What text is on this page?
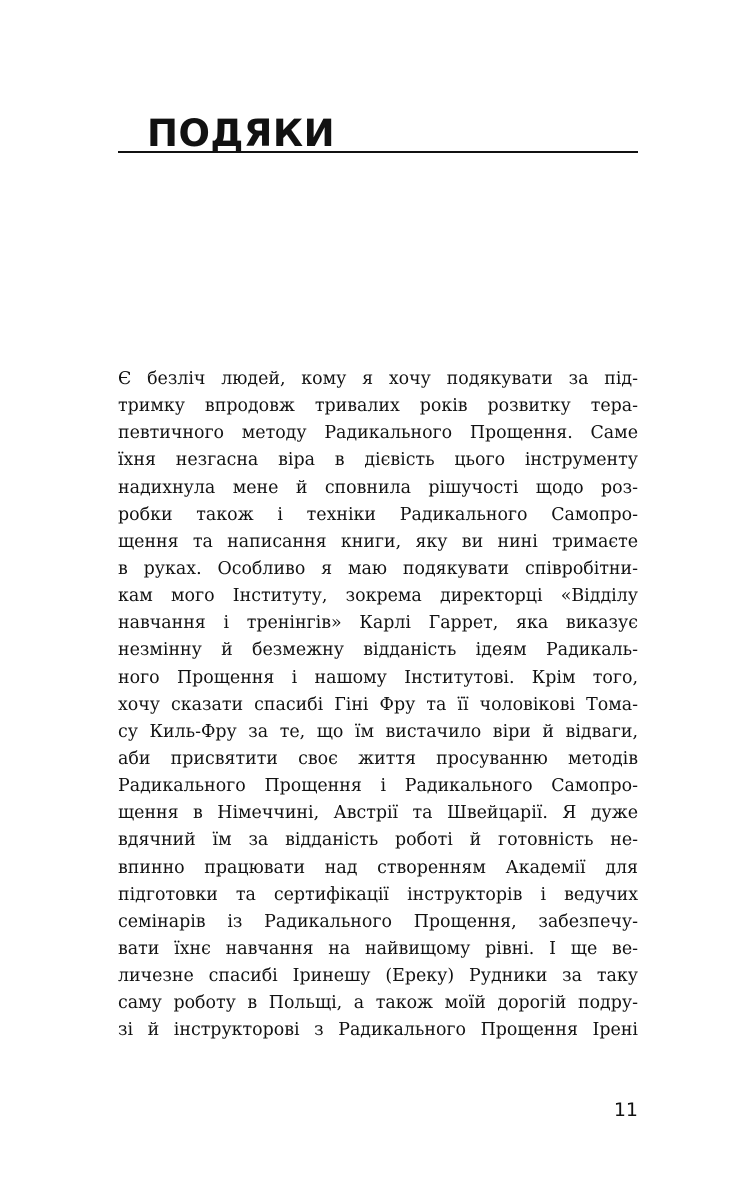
ПОДЯКИ
Є безліч людей, кому я хочу подякувати за під-
тримку впродовж тривалих років розвитку тера-
певтичного методу Радикального Прощення. Саме
їхня незгасна віра в дієвість цього інструменту
надихнула мене й сповнила рішучості щодо роз-
робки також і техніки Радикального Самопро-
щення та написання книги, яку ви нині тримаєте
в руках. Особливо я маю подякувати співробітни-
кам мого Інституту, зокрема директорці «Відділу
навчання і тренінгів» Карлі Гаррет, яка виказує
незмінну й безмежну відданість ідеям Радикаль-
ного Прощення і нашому Інститутові. Крім того,
хочу сказати спасибі Гіні Фру та її чоловікові Тома-
су Киль-Фру за те, що їм вистачило віри й відваги,
аби присвятити своє життя просуванню методів
Радикального Прощення і Радикального Самопро-
щення в Німеччині, Австрії та Швейцарії. Я дуже
вдячний їм за відданість роботі й готовність не-
впинно працювати над створенням Академії для
підготовки та сертифікації інструкторів і ведучих
семінарів із Радикального Прощення, забезпечу-
вати їхнє навчання на найвищому рівні. І ще ве-
личезне спасибі Іринешу (Ереку) Рудники за таку
саму роботу в Польщі, а також моїй дорогій подру-
зі й інструкторові з Радикального Прощення Ірені
11
